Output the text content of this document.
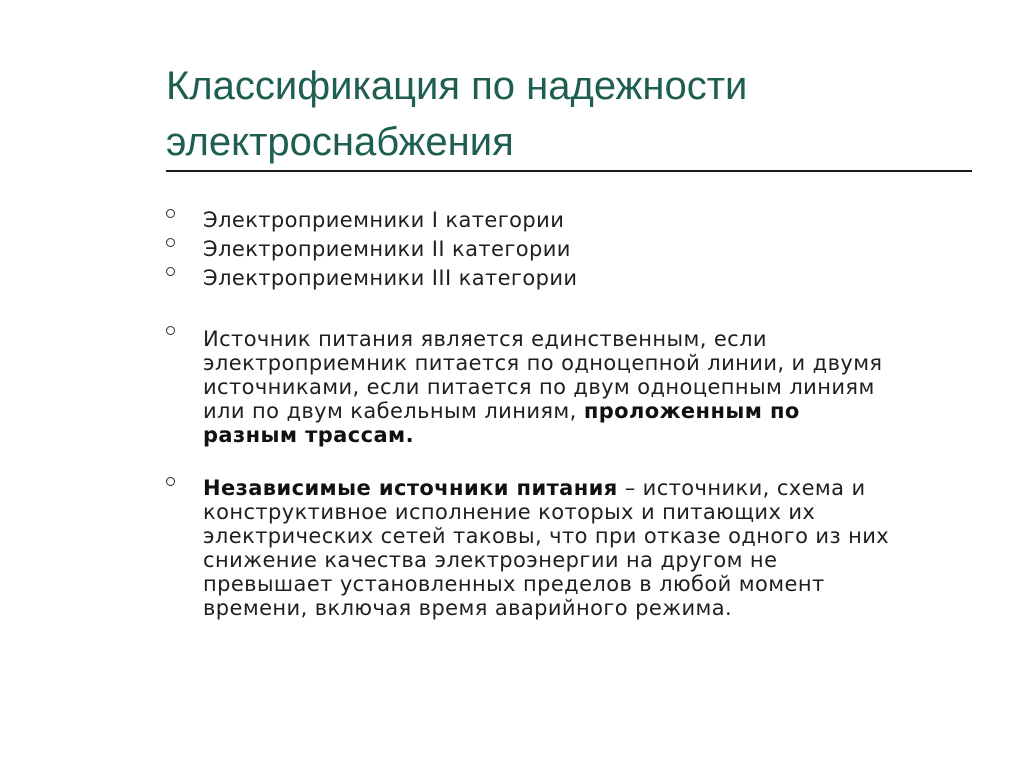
Классификация по надежности
электроснабжения
Электроприемники I категории
Электроприемники II категории
Электроприемники III категории
Источник питания является единственным, если
электроприемник питается по одноцепной линии, и двумя
источниками, если питается по двум одноцепным линиям
или по двум кабельным линиям, проложенным по
разным трассам.
Независимые источники питания – источники, схема и
конструктивное исполнение которых и питающих их
электрических сетей таковы, что при отказе одного из них
снижение качества электроэнергии на другом не
превышает установленных пределов в любой момент
времени, включая время аварийного режима.
